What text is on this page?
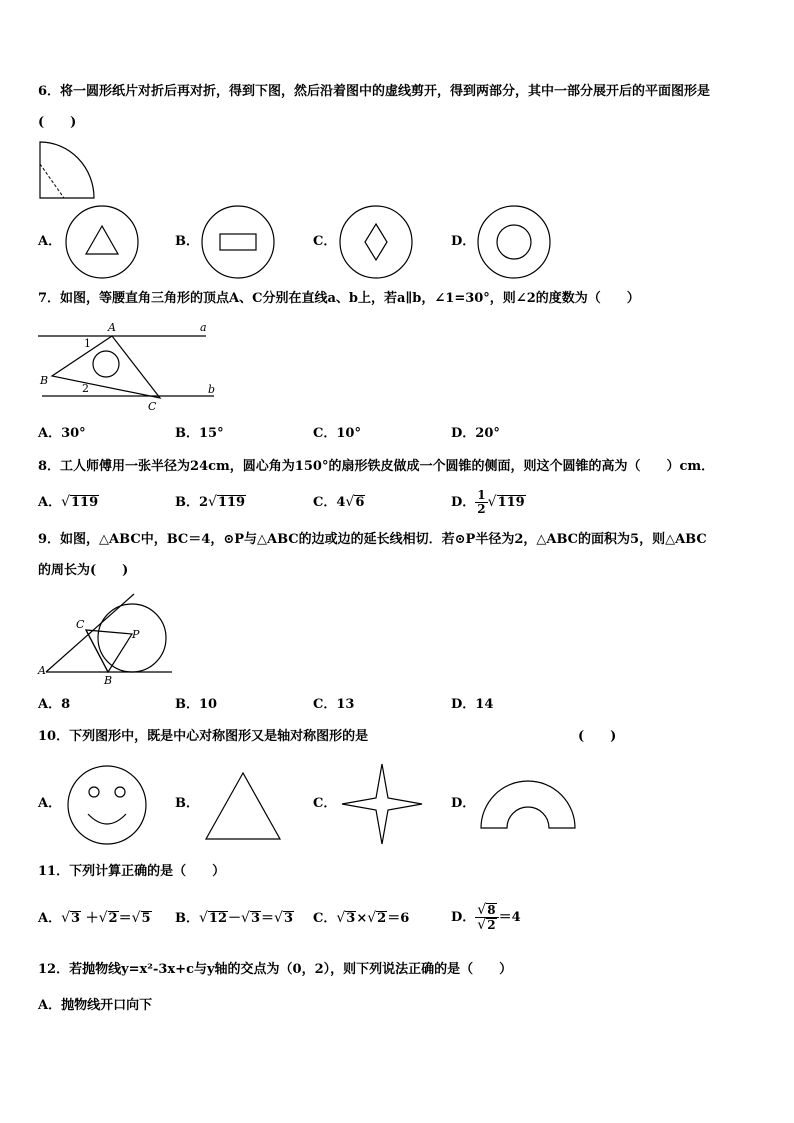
6．将一圆形纸片对折后再对折，得到下图，然后沿着图中的虚线剪开，得到两部分，其中一部分展开后的平面图形是
(　　)
A．	B．	C．	D．
7．如图，等腰直角三角形的顶点A、C分别在直线a、b上，若a∥b，∠1=30°，则∠2的度数为（　　）
A	a
B
b
C
1
2
A．30°	B．15°	C．10°	D．20°
8．工人师傅用一张半径为24cm，圆心角为150°的扇形铁皮做成一个圆锥的侧面，则这个圆锥的高为（　　）cm．
A．√119	B．2√119	C．4√6	D． $\frac{1}{2} √119$
9．如图，△ABC中，BC＝4，⊙P与△ABC的边或边的延长线相切．若⊙P半径为2，△ABC的面积为5，则△ABC
的周长为(　　)
A
C
P
B
A．8	B．10	C．13	D．14
10．下列图形中，既是中心对称图形又是轴对称图形的是	(　　)
A．	B．	C．	D．
11．下列计算正确的是（　　）
A．√3 ＋√2＝√5 B．√12－√3＝√3 C．√3×√2＝6	D． $\frac{√8}{√2} =4$
12．若抛物线y=x²-3x+c与y轴的交点为（0，2），则下列说法正确的是（　　）
A．抛物线开口向下
